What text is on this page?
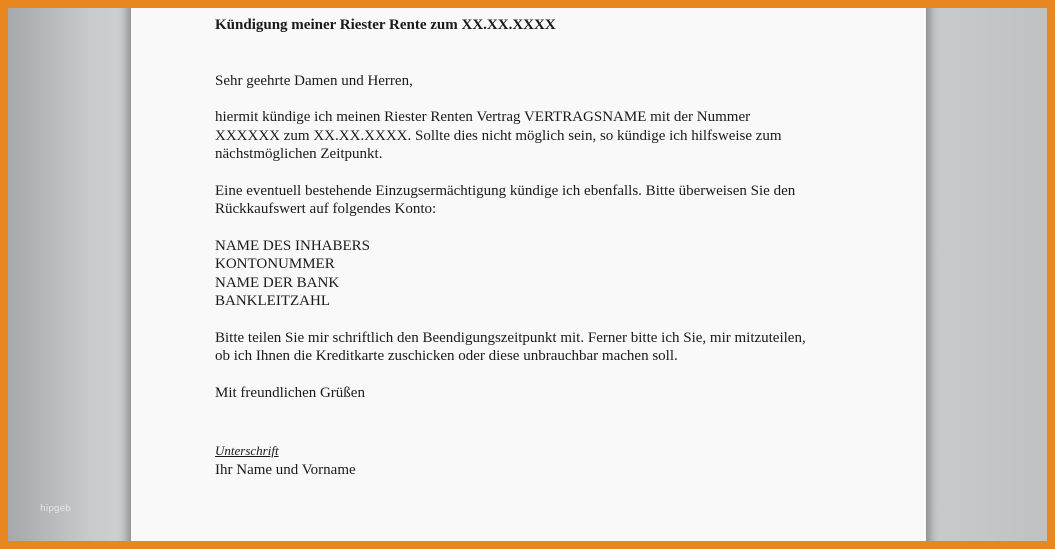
hipgeb
Kündigung meiner Riester Rente zum XX.XX.XXXX
Sehr geehrte Damen und Herren,
hiermit kündige ich meinen Riester Renten Vertrag VERTRAGSNAME mit der Nummer
XXXXXX zum XX.XX.XXXX. Sollte dies nicht möglich sein, so kündige ich hilfsweise zum
nächstmöglichen Zeitpunkt.
Eine eventuell bestehende Einzugsermächtigung kündige ich ebenfalls. Bitte überweisen Sie den
Rückkaufswert auf folgendes Konto:
NAME DES INHABERS
KONTONUMMER
NAME DER BANK
BANKLEITZAHL
Bitte teilen Sie mir schriftlich den Beendigungszeitpunkt mit. Ferner bitte ich Sie, mir mitzuteilen,
ob ich Ihnen die Kreditkarte zuschicken oder diese unbrauchbar machen soll.
Mit freundlichen Grüßen
Unterschrift
Ihr Name und Vorname
